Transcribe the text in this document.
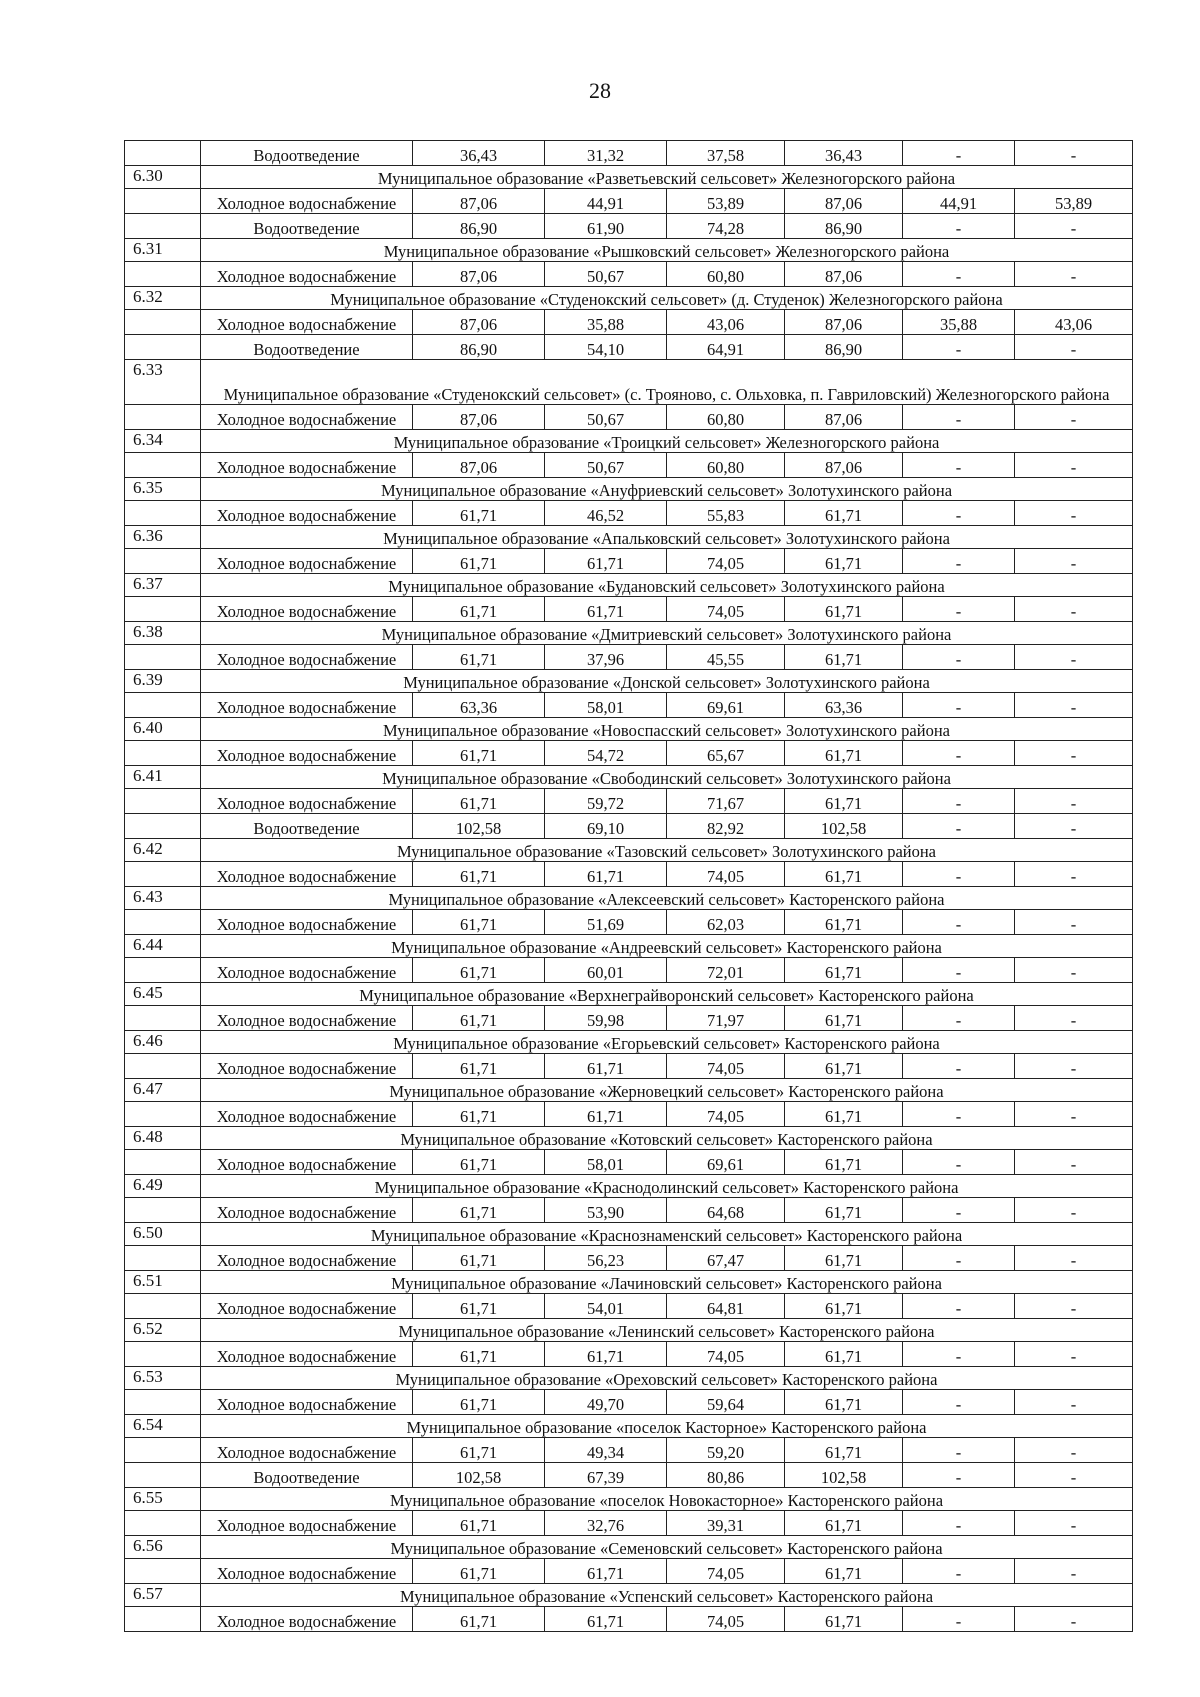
28
	Водоотведение	36,43	31,32	37,58	36,43	-	-
6.30	Муниципальное образование «Разветьевский сельсовет» Железногорского района						
	Холодное водоснабжение	87,06	44,91	53,89	87,06	44,91	53,89
	Водоотведение	86,90	61,90	74,28	86,90	-	-
6.31	Муниципальное образование «Рышковский сельсовет» Железногорского района						
	Холодное водоснабжение	87,06	50,67	60,80	87,06	-	-
6.32	Муниципальное образование «Студенокский сельсовет» (д. Студенок) Железногорского района						
	Холодное водоснабжение	87,06	35,88	43,06	87,06	35,88	43,06
	Водоотведение	86,90	54,10	64,91	86,90	-	-
6.33	Муниципальное образование «Студенокский сельсовет» (с. Трояново, с. Ольховка, п. Гавриловский) Железногорского района						
	Холодное водоснабжение	87,06	50,67	60,80	87,06	-	-
6.34	Муниципальное образование «Троицкий сельсовет» Железногорского района						
	Холодное водоснабжение	87,06	50,67	60,80	87,06	-	-
6.35	Муниципальное образование «Ануфриевский сельсовет» Золотухинского района						
	Холодное водоснабжение	61,71	46,52	55,83	61,71	-	-
6.36	Муниципальное образование «Апальковский сельсовет» Золотухинского района						
	Холодное водоснабжение	61,71	61,71	74,05	61,71	-	-
6.37	Муниципальное образование «Будановский сельсовет» Золотухинского района						
	Холодное водоснабжение	61,71	61,71	74,05	61,71	-	-
6.38	Муниципальное образование «Дмитриевский сельсовет» Золотухинского района						
	Холодное водоснабжение	61,71	37,96	45,55	61,71	-	-
6.39	Муниципальное образование «Донской сельсовет» Золотухинского района						
	Холодное водоснабжение	63,36	58,01	69,61	63,36	-	-
6.40	Муниципальное образование «Новоспасский сельсовет» Золотухинского района						
	Холодное водоснабжение	61,71	54,72	65,67	61,71	-	-
6.41	Муниципальное образование «Свободинский сельсовет» Золотухинского района						
	Холодное водоснабжение	61,71	59,72	71,67	61,71	-	-
	Водоотведение	102,58	69,10	82,92	102,58	-	-
6.42	Муниципальное образование «Тазовский сельсовет» Золотухинского района						
	Холодное водоснабжение	61,71	61,71	74,05	61,71	-	-
6.43	Муниципальное образование «Алексеевский сельсовет» Касторенского района						
	Холодное водоснабжение	61,71	51,69	62,03	61,71	-	-
6.44	Муниципальное образование «Андреевский сельсовет» Касторенского района						
	Холодное водоснабжение	61,71	60,01	72,01	61,71	-	-
6.45	Муниципальное образование «Верхнеграйворонский сельсовет» Касторенского района						
	Холодное водоснабжение	61,71	59,98	71,97	61,71	-	-
6.46	Муниципальное образование «Егорьевский сельсовет» Касторенского района						
	Холодное водоснабжение	61,71	61,71	74,05	61,71	-	-
6.47	Муниципальное образование «Жерновецкий сельсовет» Касторенского района						
	Холодное водоснабжение	61,71	61,71	74,05	61,71	-	-
6.48	Муниципальное образование «Котовский сельсовет» Касторенского района						
	Холодное водоснабжение	61,71	58,01	69,61	61,71	-	-
6.49	Муниципальное образование «Краснодолинский сельсовет» Касторенского района						
	Холодное водоснабжение	61,71	53,90	64,68	61,71	-	-
6.50	Муниципальное образование «Краснознаменский сельсовет» Касторенского района						
	Холодное водоснабжение	61,71	56,23	67,47	61,71	-	-
6.51	Муниципальное образование «Лачиновский сельсовет» Касторенского района						
	Холодное водоснабжение	61,71	54,01	64,81	61,71	-	-
6.52	Муниципальное образование «Ленинский сельсовет» Касторенского района						
	Холодное водоснабжение	61,71	61,71	74,05	61,71	-	-
6.53	Муниципальное образование «Ореховский сельсовет» Касторенского района						
	Холодное водоснабжение	61,71	49,70	59,64	61,71	-	-
6.54	Муниципальное образование «поселок Касторное» Касторенского района						
	Холодное водоснабжение	61,71	49,34	59,20	61,71	-	-
	Водоотведение	102,58	67,39	80,86	102,58	-	-
6.55	Муниципальное образование «поселок Новокасторное» Касторенского района						
	Холодное водоснабжение	61,71	32,76	39,31	61,71	-	-
6.56	Муниципальное образование «Семеновский сельсовет» Касторенского района						
	Холодное водоснабжение	61,71	61,71	74,05	61,71	-	-
6.57	Муниципальное образование «Успенский сельсовет» Касторенского района						
	Холодное водоснабжение	61,71	61,71	74,05	61,71	-	-
